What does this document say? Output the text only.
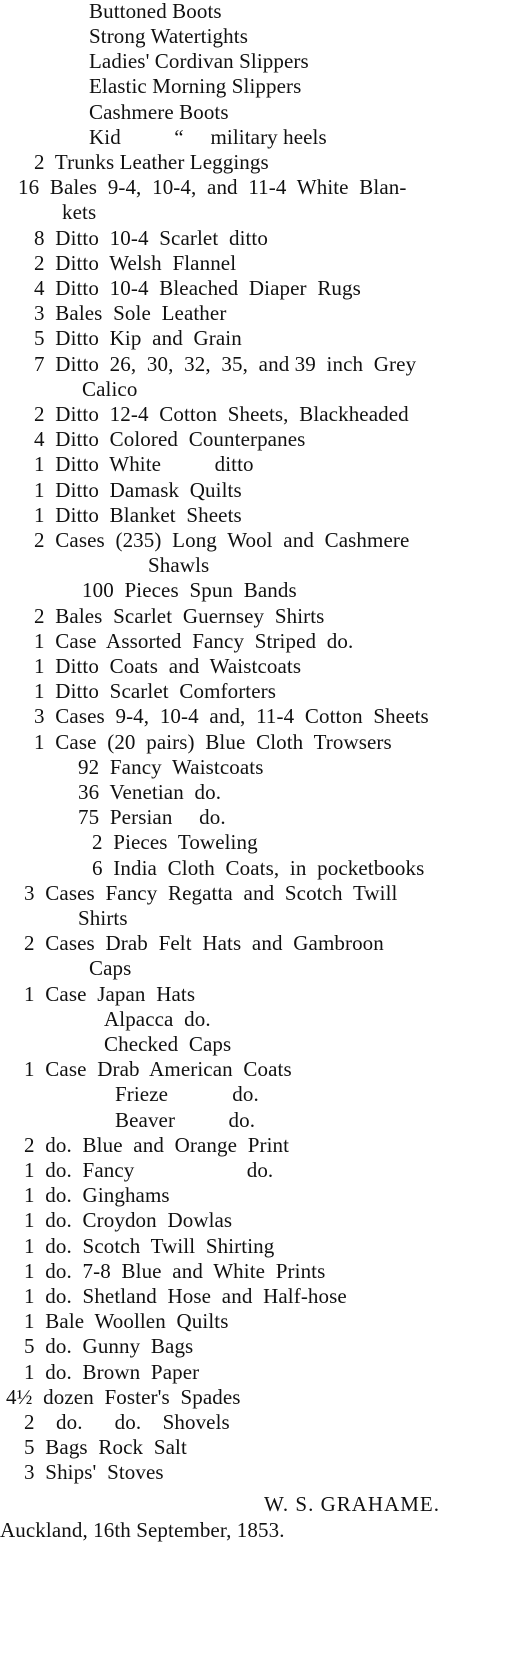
Buttoned Boots
Strong Watertights
Ladies' Cordivan Slippers
Elastic Morning Slippers
Cashmere Boots
Kid          “     military heels
2  Trunks Leather Leggings
16  Bales  9-4,  10-4,  and  11-4  White  Blan-
kets
8  Ditto  10-4  Scarlet  ditto
2  Ditto  Welsh  Flannel
4  Ditto  10-4  Bleached  Diaper  Rugs
3  Bales  Sole  Leather
5  Ditto  Kip  and  Grain
7  Ditto  26,  30,  32,  35,  and 39  inch  Grey
Calico
2  Ditto  12-4  Cotton  Sheets,  Blackheaded
4  Ditto  Colored  Counterpanes
1  Ditto  White          ditto
1  Ditto  Damask  Quilts
1  Ditto  Blanket  Sheets
2  Cases  (235)  Long  Wool  and  Cashmere
Shawls
100  Pieces  Spun  Bands
2  Bales  Scarlet  Guernsey  Shirts
1  Case  Assorted  Fancy  Striped  do.
1  Ditto  Coats  and  Waistcoats
1  Ditto  Scarlet  Comforters
3  Cases  9-4,  10-4  and,  11-4  Cotton  Sheets
1  Case  (20  pairs)  Blue  Cloth  Trowsers
92  Fancy  Waistcoats
36  Venetian  do.
75  Persian     do.
2  Pieces  Toweling
6  India  Cloth  Coats,  in  pocketbooks
3  Cases  Fancy  Regatta  and  Scotch  Twill
Shirts
2  Cases  Drab  Felt  Hats  and  Gambroon
Caps
1  Case  Japan  Hats
Alpacca  do.
Checked  Caps
1  Case  Drab  American  Coats
Frieze            do.
Beaver          do.
2  do.  Blue  and  Orange  Print
1  do.  Fancy                     do.
1  do.  Ginghams
1  do.  Croydon  Dowlas
1  do.  Scotch  Twill  Shirting
1  do.  7-8  Blue  and  White  Prints
1  do.  Shetland  Hose  and  Half-hose
1  Bale  Woollen  Quilts
5  do.  Gunny  Bags
1  do.  Brown  Paper
4½  dozen  Foster's  Spades
2    do.      do.    Shovels
5  Bags  Rock  Salt
3  Ships'  Stoves
W. S. GRAHAME.
Auckland, 16th September, 1853.
